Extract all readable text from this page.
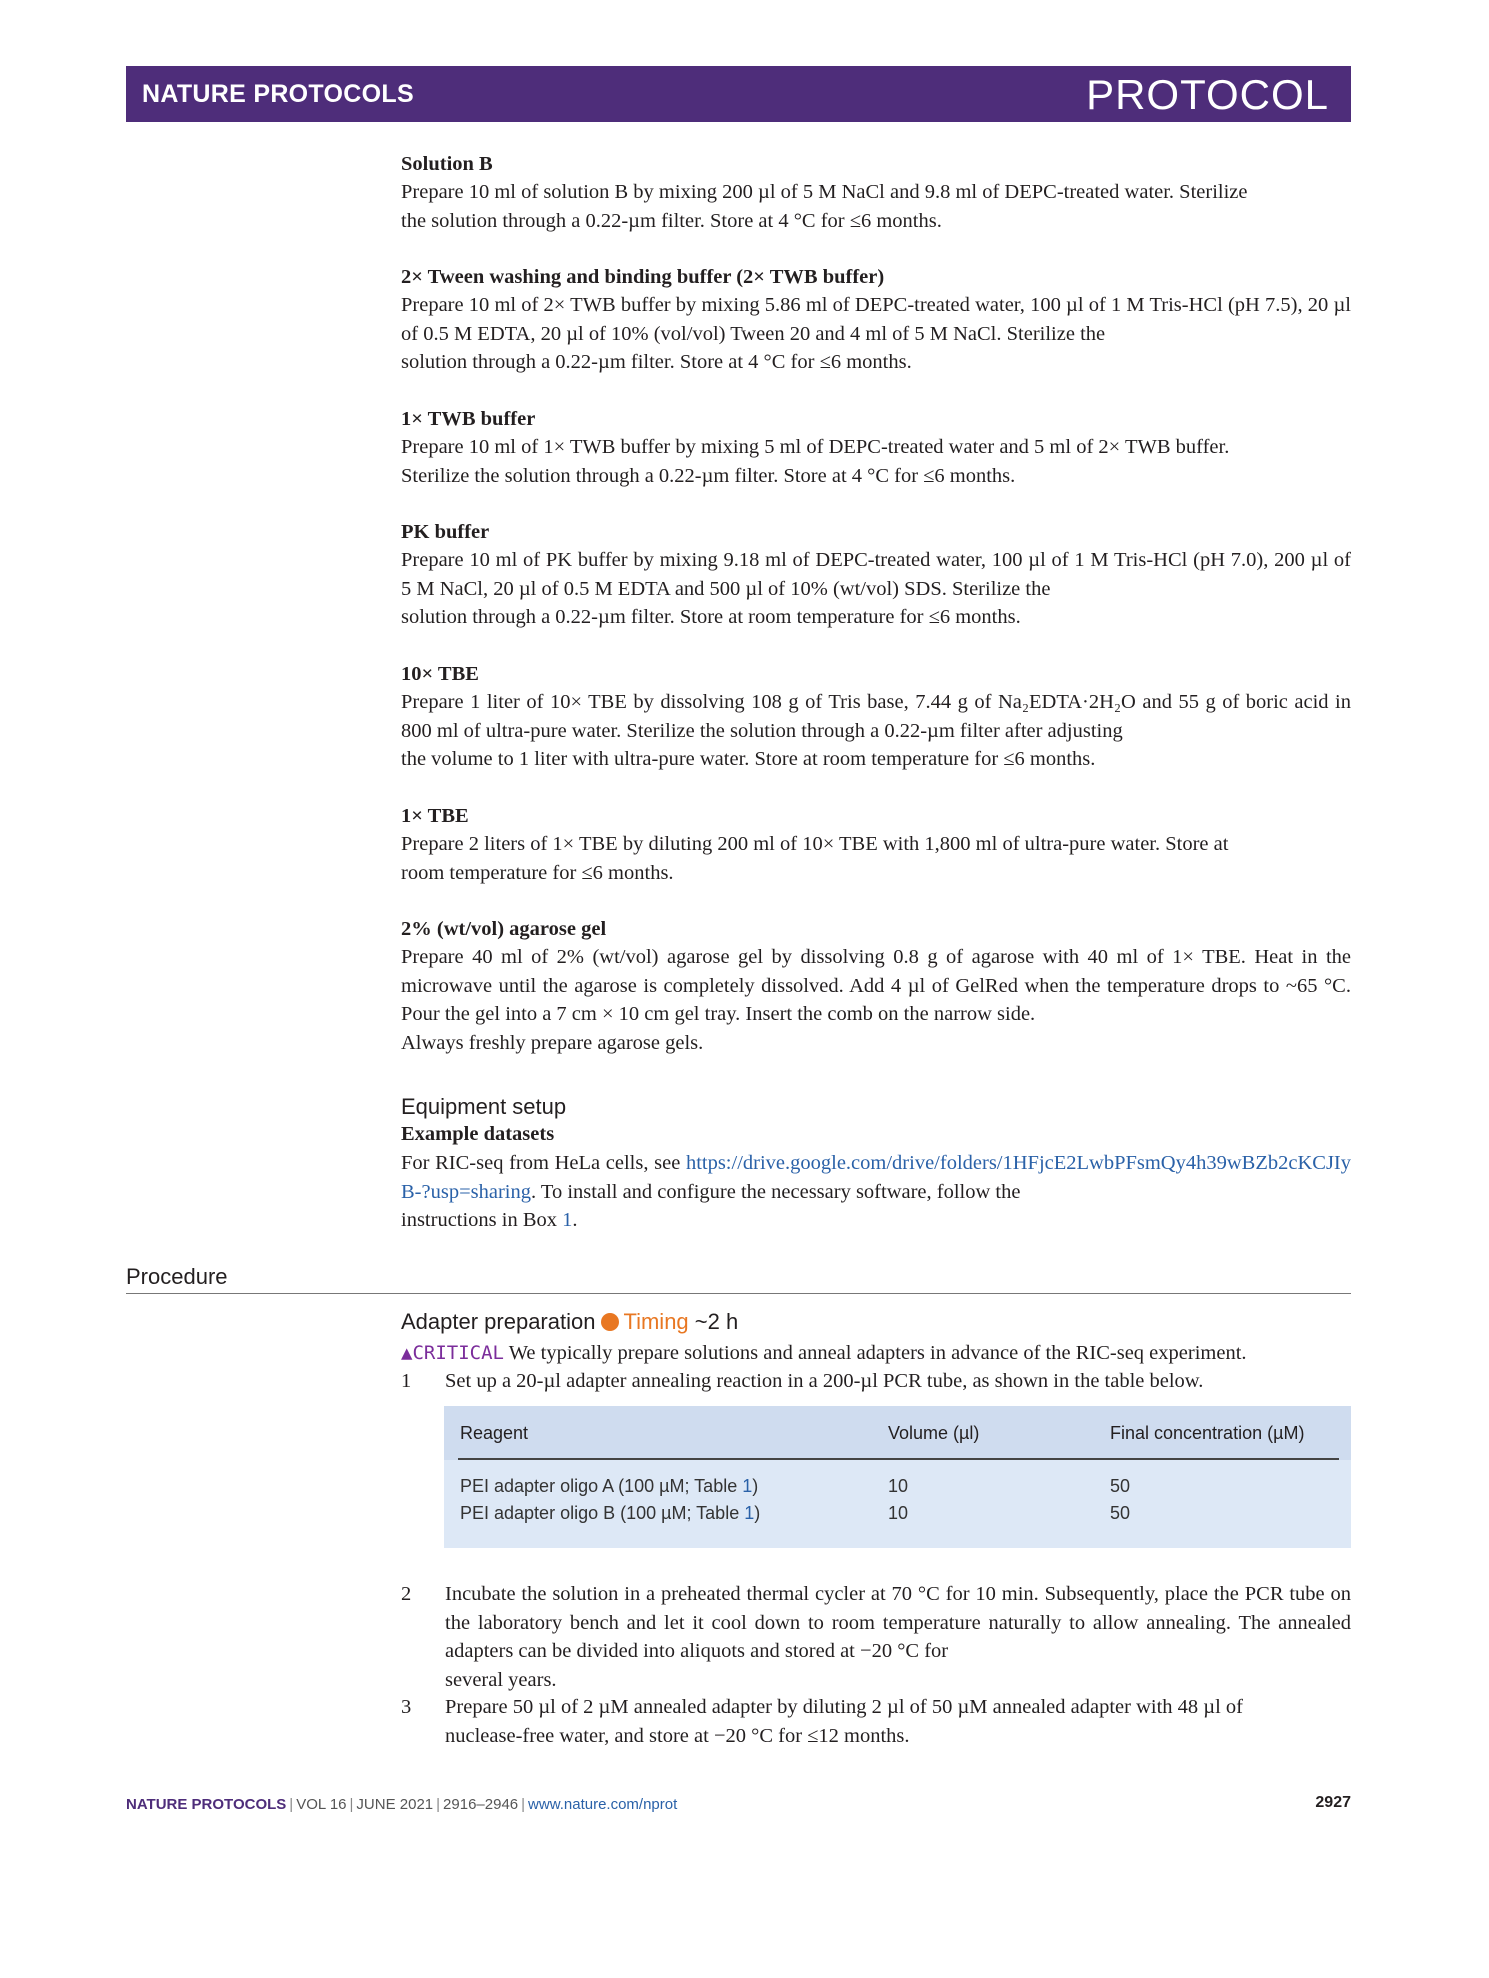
NATURE PROTOCOLS	PROTOCOL
Solution B
Prepare 10 ml of solution B by mixing 200 µl of 5 M NaCl and 9.8 ml of DEPC-treated water. Sterilize
the solution through a 0.22-µm filter. Store at 4 °C for ≤6 months.
2× Tween washing and binding buffer (2× TWB buffer)
Prepare 10 ml of 2× TWB buffer by mixing 5.86 ml of DEPC-treated water, 100 µl of 1 M Tris-HCl (pH 7.5), 20 µl of 0.5 M EDTA, 20 µl of 10% (vol/vol) Tween 20 and 4 ml of 5 M NaCl. Sterilize the
solution through a 0.22-µm filter. Store at 4 °C for ≤6 months.
1× TWB buffer
Prepare 10 ml of 1× TWB buffer by mixing 5 ml of DEPC-treated water and 5 ml of 2× TWB buffer.
Sterilize the solution through a 0.22-µm filter. Store at 4 °C for ≤6 months.
PK buffer
Prepare 10 ml of PK buffer by mixing 9.18 ml of DEPC-treated water, 100 µl of 1 M Tris-HCl (pH 7.0), 200 µl of 5 M NaCl, 20 µl of 0.5 M EDTA and 500 µl of 10% (wt/vol) SDS. Sterilize the
solution through a 0.22-µm filter. Store at room temperature for ≤6 months.
10× TBE
Prepare 1 liter of 10× TBE by dissolving 108 g of Tris base, 7.44 g of Na₂EDTA·2H₂O and 55 g of boric acid in 800 ml of ultra-pure water. Sterilize the solution through a 0.22-µm filter after adjusting
the volume to 1 liter with ultra-pure water. Store at room temperature for ≤6 months.
1× TBE
Prepare 2 liters of 1× TBE by diluting 200 ml of 10× TBE with 1,800 ml of ultra-pure water. Store at
room temperature for ≤6 months.
2% (wt/vol) agarose gel
Prepare 40 ml of 2% (wt/vol) agarose gel by dissolving 0.8 g of agarose with 40 ml of 1× TBE. Heat in the microwave until the agarose is completely dissolved. Add 4 µl of GelRed when the temperature drops to ~65 °C. Pour the gel into a 7 cm × 10 cm gel tray. Insert the comb on the narrow side.
Always freshly prepare agarose gels.
Equipment setup
Example datasets
For RIC-seq from HeLa cells, see https://drive.google.com/drive/folders/1HFjcE2LwbPFsmQy4h39wBZb2cKCJIyB-?usp=sharing. To install and configure the necessary software, follow the
instructions in Box 1.
Procedure
Adapter preparation Timing ~2 h
▲CRITICAL We typically prepare solutions and anneal adapters in advance of the RIC-seq experiment.
1 Set up a 20-µl adapter annealing reaction in a 200-µl PCR tube, as shown in the table below.
Reagent	Volume (µl)	Final concentration (µM)
PEI adapter oligo A (100 µM; Table 1)	10	50
PEI adapter oligo B (100 µM; Table 1)	10	50
2 Incubate the solution in a preheated thermal cycler at 70 °C for 10 min. Subsequently, place the PCR tube on the laboratory bench and let it cool down to room temperature naturally to allow annealing. The annealed adapters can be divided into aliquots and stored at −20 °C for
several years.
3 Prepare 50 µl of 2 µM annealed adapter by diluting 2 µl of 50 µM annealed adapter with 48 µl of
nuclease-free water, and store at −20 °C for ≤12 months.
NATURE PROTOCOLS | VOL 16 | JUNE 2021 | 2916–2946 | www.nature.com/nprot	2927
